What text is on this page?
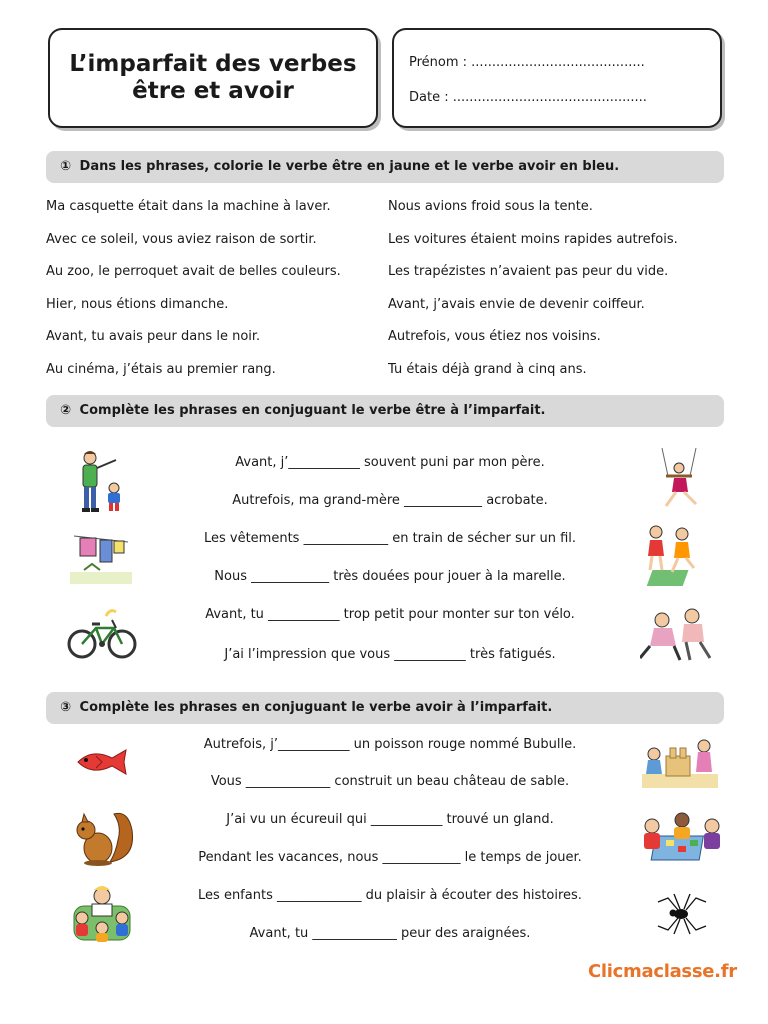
L’imparfait des verbes
être et avoir
Prénom : ..........................................
Date : ...............................................
① Dans les phrases, colorie le verbe être en jaune et le verbe avoir en bleu.
Ma casquette était dans la machine à laver.
Avec ce soleil, vous aviez raison de sortir.
Au zoo, le perroquet avait de belles couleurs.
Hier, nous étions dimanche.
Avant, tu avais peur dans le noir.
Au cinéma, j’étais au premier rang.
Nous avions froid sous la tente.
Les voitures étaient moins rapides autrefois.
Les trapézistes n’avaient pas peur du vide.
Avant, j’avais envie de devenir coiffeur.
Autrefois, vous étiez nos voisins.
Tu étais déjà grand à cinq ans.
② Complète les phrases en conjuguant le verbe être à l’imparfait.
Avant, j’___________ souvent puni par mon père.
Autrefois, ma grand-mère ____________ acrobate.
Les vêtements _____________ en train de sécher sur un fil.
Nous ____________ très douées pour jouer à la marelle.
Avant, tu ___________ trop petit pour monter sur ton vélo.
J’ai l’impression que vous ___________ très fatigués.
③ Complète les phrases en conjuguant le verbe avoir à l’imparfait.
Autrefois, j’___________ un poisson rouge nommé Bubulle.
Vous _____________ construit un beau château de sable.
J’ai vu un écureuil qui ___________ trouvé un gland.
Pendant les vacances, nous ____________ le temps de jouer.
Les enfants _____________ du plaisir à écouter des histoires.
Avant, tu _____________ peur des araignées.
Clicmaclasse.fr
